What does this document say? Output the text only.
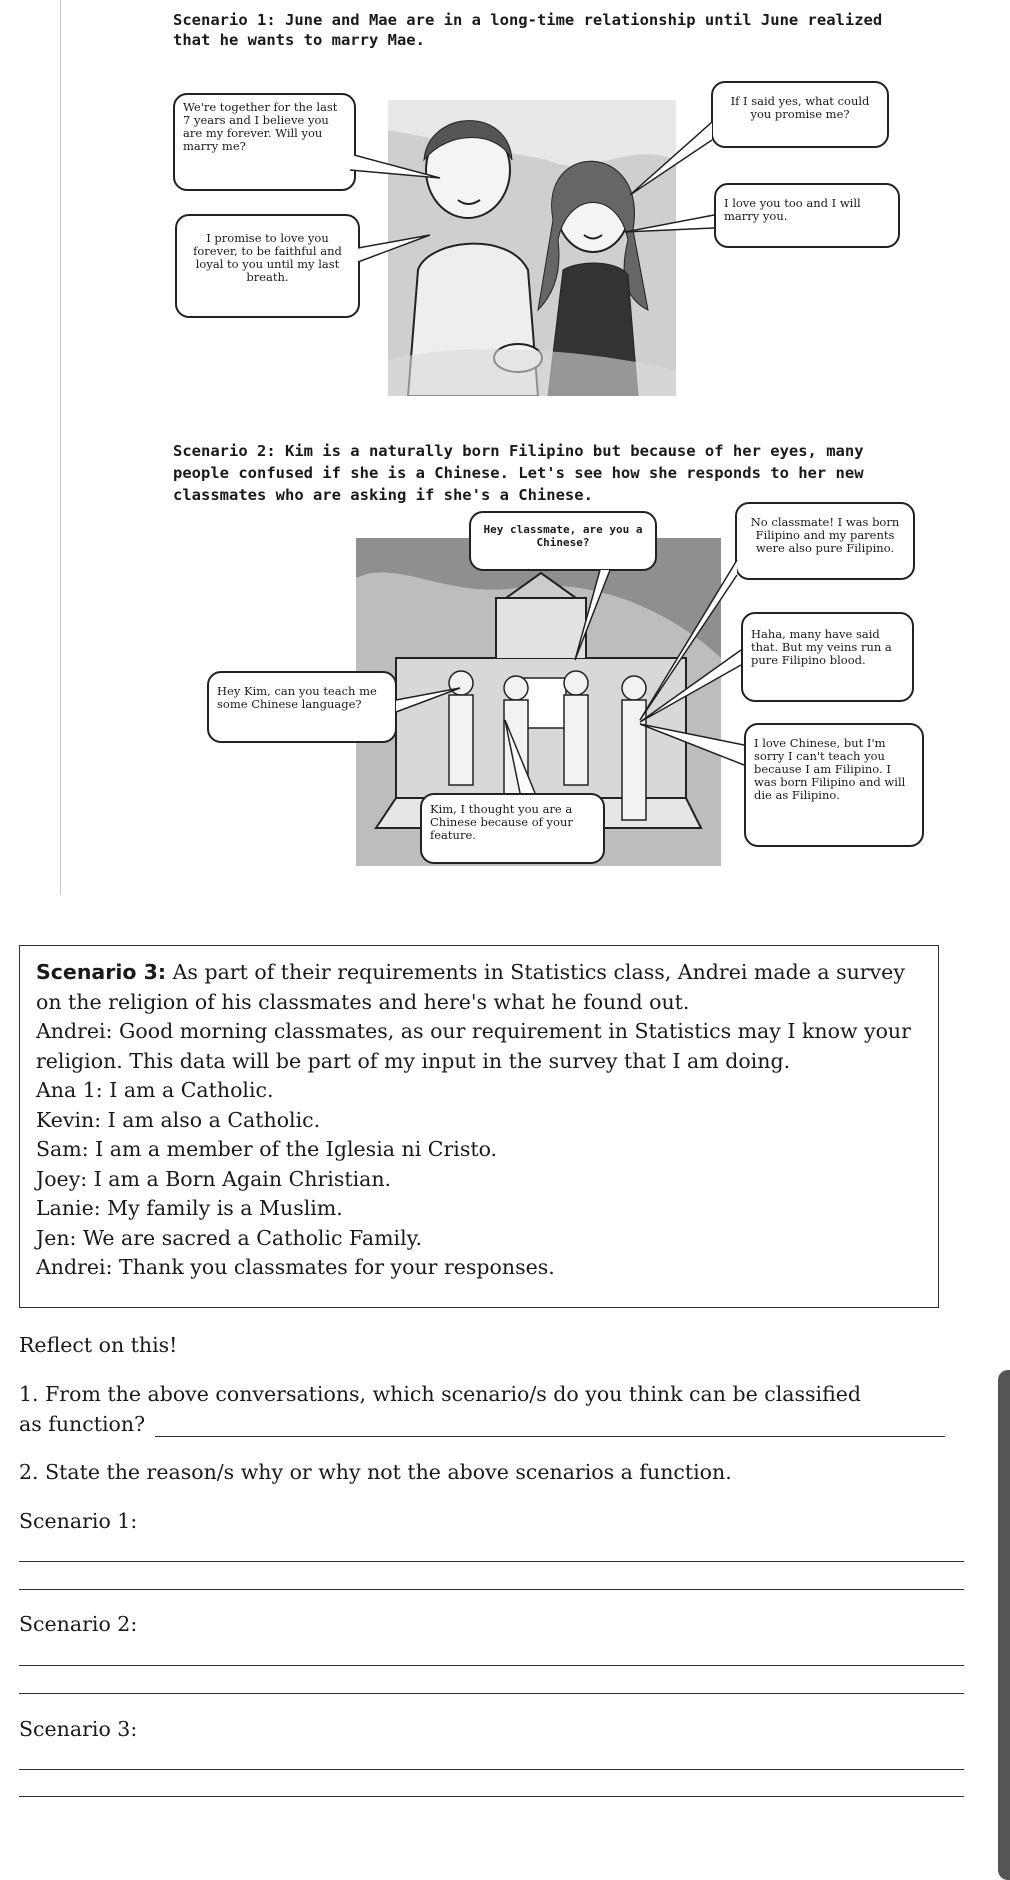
Scenario 1: June and Mae are in a long-time relationship until June realized
that he wants to marry Mae.
We're together for the last 7 years and I believe you are my forever. Will you marry me?
I promise to love you forever, to be faithful and loyal to you until my last breath.
If I said yes, what could you promise me?
I love you too and I will marry you.
Scenario 2: Kim is a naturally born Filipino but because of her eyes, many
people confused if she is a Chinese. Let's see how she responds to her new
classmates who are asking if she's a Chinese.
Hey classmate, are you a Chinese?
Hey Kim, can you teach me some Chinese language?
Kim, I thought you are a Chinese because of your feature.
No classmate! I was born Filipino and my parents were also pure Filipino.
Haha, many have said that. But my veins run a pure Filipino blood.
I love Chinese, but I'm sorry I can't teach you because I am Filipino. I was born Filipino and will die as Filipino.

Scenario 3: As part of their requirements in Statistics class, Andrei made a survey on the religion of his classmates and here's what he found out.

Andrei: Good morning classmates, as our requirement in Statistics may I know your religion. This data will be part of my input in the survey that I am doing.

Ana 1: I am a Catholic.

Kevin: I am also a Catholic.

Sam: I am a member of the Iglesia ni Cristo.

Joey: I am a Born Again Christian.

Lanie: My family is a Muslim.

Jen: We are sacred a Catholic Family.

Andrei: Thank you classmates for your responses.

Reflect on this!
1. From the above conversations, which scenario/s do you think can be classified
as function?
2. State the reason/s why or why not the above scenarios a function.
Scenario 1:
Scenario 2:
Scenario 3:
